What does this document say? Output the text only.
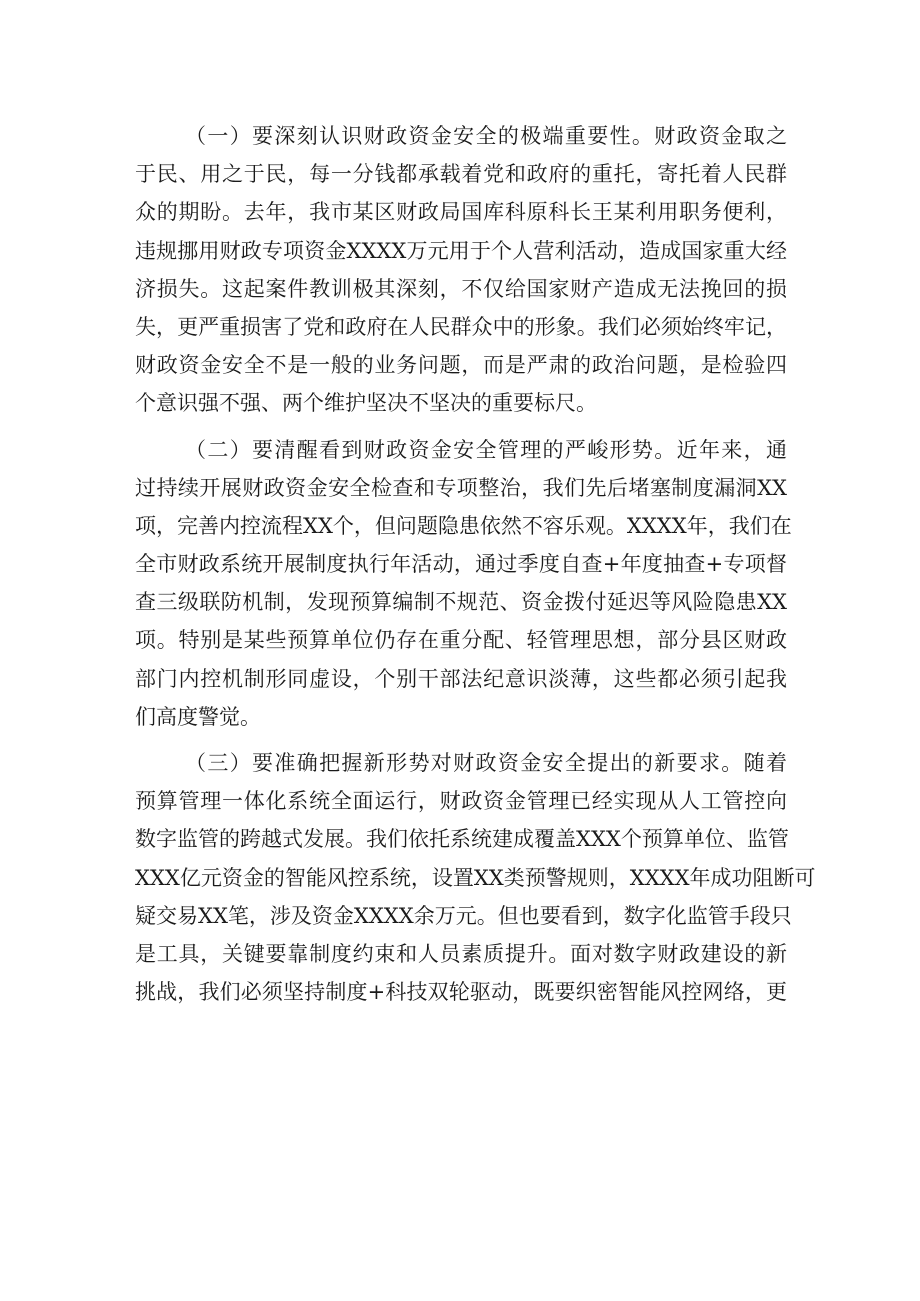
（一）要深刻认识财政资金安全的极端重要性。财政资金取之
于民、用之于民，每一分钱都承载着党和政府的重托，寄托着人民群
众的期盼。去年，我市某区财政局国库科原科长王某利用职务便利，
违规挪用财政专项资金XXXX万元用于个人营利活动，造成国家重大经
济损失。这起案件教训极其深刻，不仅给国家财产造成无法挽回的损
失，更严重损害了党和政府在人民群众中的形象。我们必须始终牢记，
财政资金安全不是一般的业务问题，而是严肃的政治问题，是检验四
个意识强不强、两个维护坚决不坚决的重要标尺。
（二）要清醒看到财政资金安全管理的严峻形势。近年来，通
过持续开展财政资金安全检查和专项整治，我们先后堵塞制度漏洞XX
项，完善内控流程XX个，但问题隐患依然不容乐观。XXXX年，我们在
全市财政系统开展制度执行年活动，通过季度自查+年度抽查+专项督
查三级联防机制，发现预算编制不规范、资金拨付延迟等风险隐患XX
项。特别是某些预算单位仍存在重分配、轻管理思想，部分县区财政
部门内控机制形同虚设，个别干部法纪意识淡薄，这些都必须引起我
们高度警觉。
（三）要准确把握新形势对财政资金安全提出的新要求。随着
预算管理一体化系统全面运行，财政资金管理已经实现从人工管控向
数字监管的跨越式发展。我们依托系统建成覆盖XXX个预算单位、监管
XXX亿元资金的智能风控系统，设置XX类预警规则，XXXX年成功阻断可
疑交易XX笔，涉及资金XXXX余万元。但也要看到，数字化监管手段只
是工具，关键要靠制度约束和人员素质提升。面对数字财政建设的新
挑战，我们必须坚持制度+科技双轮驱动，既要织密智能风控网络，更
